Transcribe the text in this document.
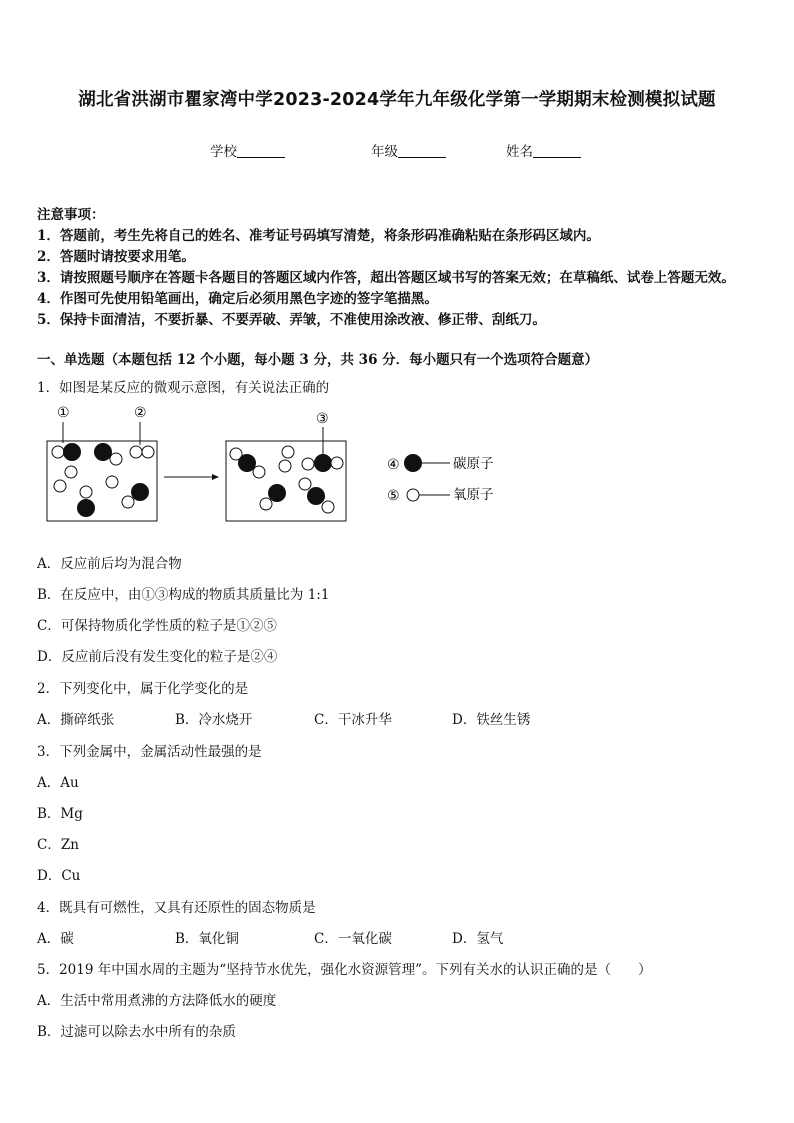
湖北省洪湖市瞿家湾中学2023-2024学年九年级化学第一学期期末检测模拟试题
学校	年级	姓名
注意事项：
1．答题前，考生先将自己的姓名、准考证号码填写清楚，将条形码准确粘贴在条形码区域内。
2．答题时请按要求用笔。
3．请按照题号顺序在答题卡各题目的答题区域内作答，超出答题区域书写的答案无效；在草稿纸、试卷上答题无效。
4．作图可先使用铅笔画出，确定后必须用黑色字迹的签字笔描黑。
5．保持卡面清洁，不要折暴、不要弄破、弄皱，不准使用涂改液、修正带、刮纸刀。
一、单选题（本题包括 12 个小题，每小题 3 分，共 36 分．每小题只有一个选项符合题意）
1．如图是某反应的微观示意图，有关说法正确的
①	②	③
④	碳原子
⑤	氧原子
A．反应前后均为混合物
B．在反应中，由①③构成的物质其质量比为 1:1
C．可保持物质化学性质的粒子是①②⑤
D．反应前后没有发生变化的粒子是②④
2．下列变化中，属于化学变化的是
A．撕碎纸张	B．冷水烧开	C．干冰升华	D．铁丝生锈
3．下列金属中，金属活动性最强的是
A．Au
B．Mg
C．Zn
D．Cu
4．既具有可燃性，又具有还原性的固态物质是
A．碳	B．氧化铜	C．一氧化碳	D．氢气
5．2019 年中国水周的主题为“坚持节水优先，强化水资源管理”。下列有关水的认识正确的是（　　）
A．生活中常用煮沸的方法降低水的硬度
B．过滤可以除去水中所有的杂质
